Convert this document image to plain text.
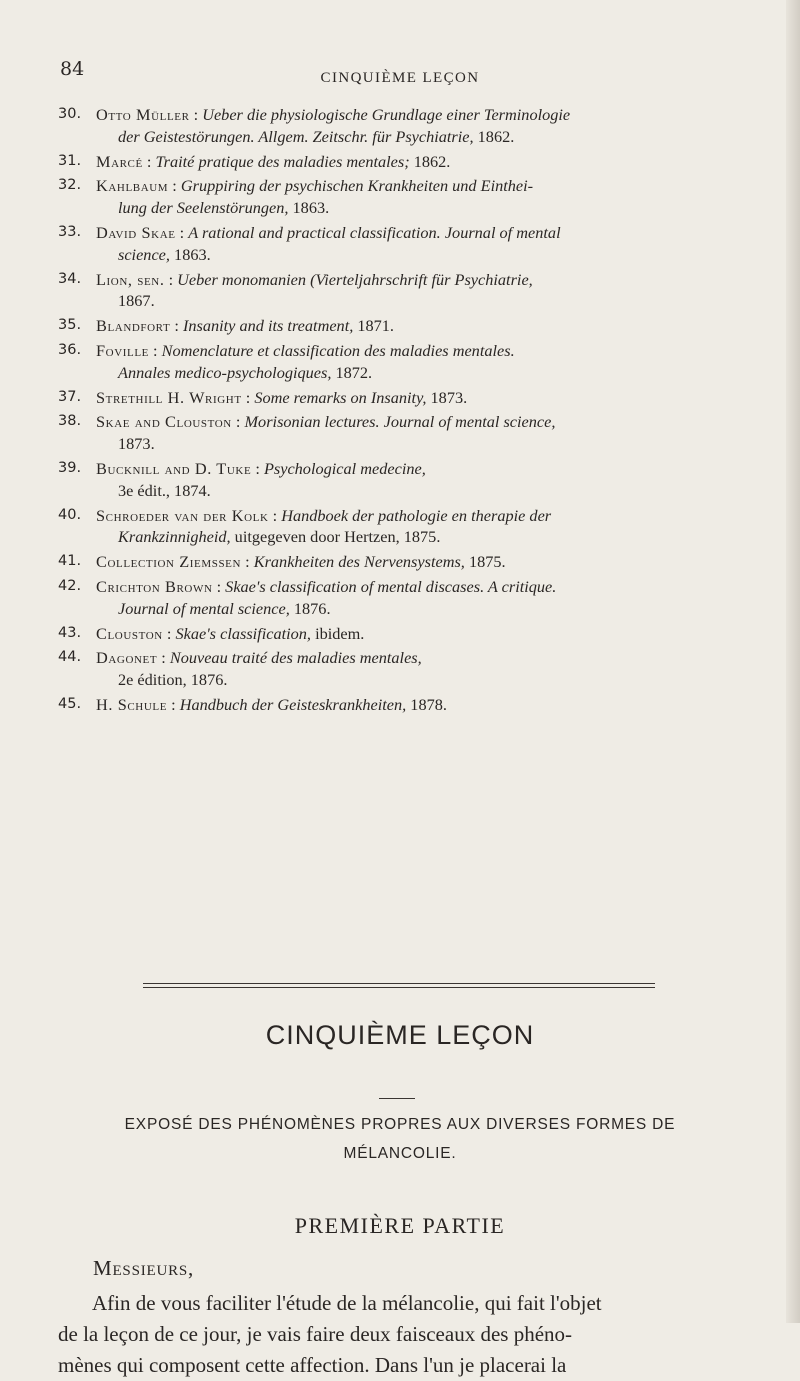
84	CINQUIÈME LEÇON
30. Otto Müller : Ueber die physiologische Grundlage einer Terminologie
der Geistestörungen. Allgem. Zeitschr. für Psychiatrie, 1862.
31. Marcé : Traité pratique des maladies mentales; 1862.
32. Kahlbaum : Gruppiring der psychischen Krankheiten und Einthei-
lung der Seelenstörungen, 1863.
33. David Skae : A rational and practical classification. Journal of mental
science, 1863.
34. Lion, sen. : Ueber monomanien (Vierteljahrschrift für Psychiatrie,
1867.
35. Blandfort : Insanity and its treatment, 1871.
36. Foville : Nomenclature et classification des maladies mentales.
Annales medico-psychologiques, 1872.
37. Strethill H. Wright : Some remarks on Insanity, 1873.
38. Skae and Clouston : Morisonian lectures. Journal of mental science,
1873.
39. Bucknill and D. Tuke : Psychological medecine,
3e édit., 1874.
40. Schroeder van der Kolk : Handboek der pathologie en therapie der
Krankzinnigheid, uitgegeven door Hertzen, 1875.
41. Collection Ziemssen : Krankheiten des Nervensystems, 1875.
42. Crichton Brown : Skae's classification of mental discases. A critique.
Journal of mental science, 1876.
43. Clouston : Skae's classification, ibidem.
44. Dagonet : Nouveau traité des maladies mentales,
2e édition, 1876.
45. H. Schule : Handbuch der Geisteskrankheiten, 1878.
CINQUIÈME LEÇON
EXPOSÉ DES PHÉNOMÈNES PROPRES AUX DIVERSES FORMES DE
MÉLANCOLIE.
PREMIÈRE PARTIE
Messieurs,
Afin de vous faciliter l'étude de la mélancolie, qui fait l'objet
de la leçon de ce jour, je vais faire deux faisceaux des phéno-
mènes qui composent cette affection. Dans l'un je placerai la
